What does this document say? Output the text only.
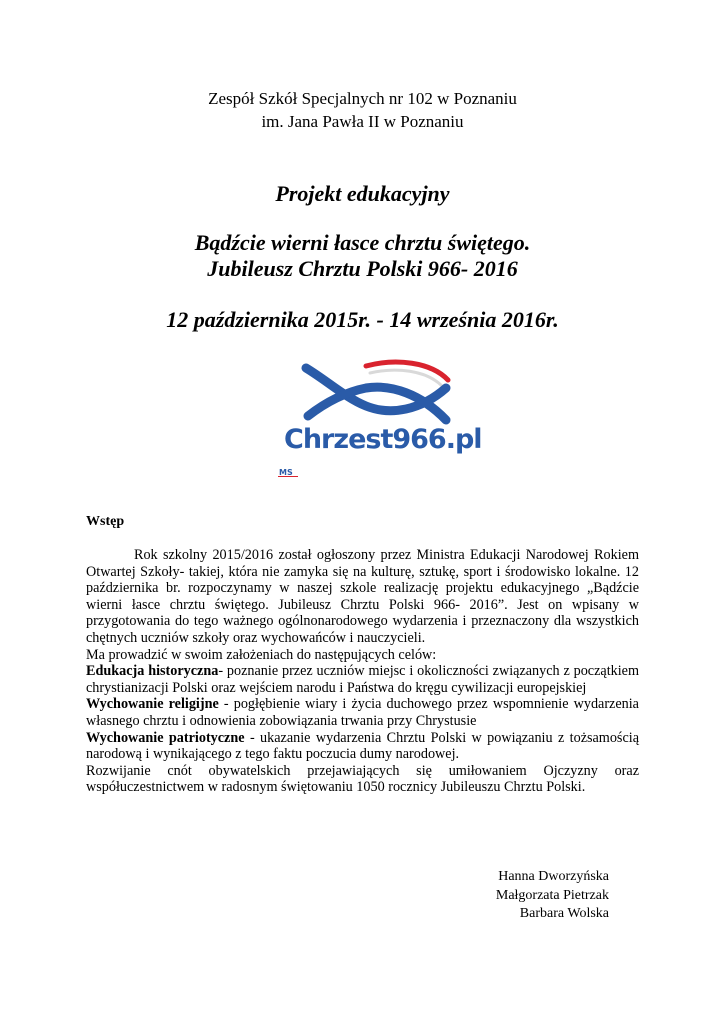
Zespół Szkół Specjalnych nr 102 w Poznaniu
im. Jana Pawła II w Poznaniu
Projekt edukacyjny
Bądźcie wierni łasce chrztu świętego.
Jubileusz Chrztu Polski 966- 2016
12 października 2015r. - 14 września 2016r.
Chrzest966.pl
MS
Wstęp

Rok szkolny 2015/2016 został ogłoszony przez Ministra Edukacji Narodowej Rokiem Otwartej Szkoły- takiej, która nie zamyka się na kulturę, sztukę, sport i środowisko lokalne. 12 października br. rozpoczynamy w naszej szkole realizację projektu edukacyjnego „Bądźcie wierni łasce chrztu świętego. Jubileusz Chrztu Polski 966- 2016”. Jest on wpisany w przygotowania do tego ważnego ogólnonarodowego wydarzenia i przeznaczony dla wszystkich chętnych uczniów szkoły oraz wychowańców i nauczycieli.

Ma prowadzić w swoim założeniach do następujących celów:

Edukacja historyczna- poznanie przez uczniów miejsc i okoliczności związanych z początkiem chrystianizacji Polski oraz wejściem narodu i Państwa do kręgu cywilizacji europejskiej

Wychowanie religijne - pogłębienie wiary i życia duchowego przez wspomnienie wydarzenia własnego chrztu i odnowienia zobowiązania trwania przy Chrystusie

Wychowanie patriotyczne - ukazanie wydarzenia Chrztu Polski w powiązaniu z tożsamością narodową i wynikającego z tego faktu poczucia dumy narodowej.

Rozwijanie cnót obywatelskich przejawiających się umiłowaniem Ojczyzny oraz współuczestnictwem w radosnym świętowaniu 1050 rocznicy Jubileuszu Chrztu Polski.

Hanna Dworzyńska
Małgorzata Pietrzak
Barbara Wolska
